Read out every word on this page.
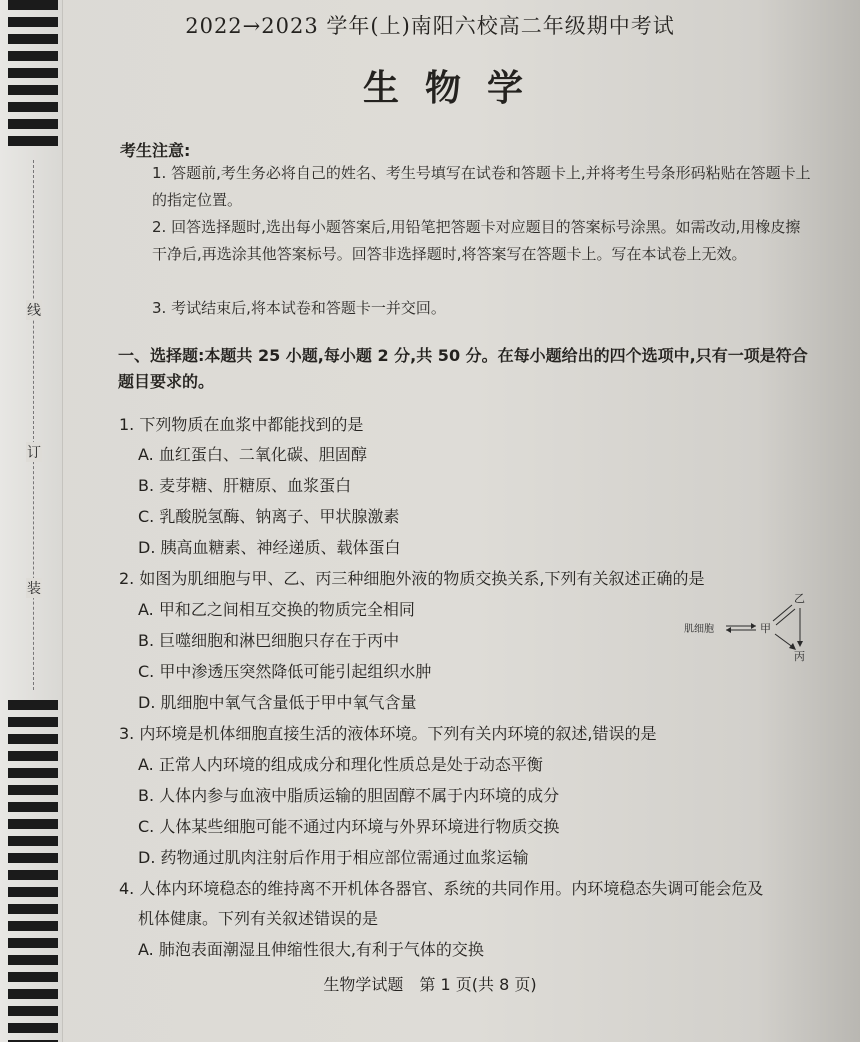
线
订
装
2022→2023 学年(上)南阳六校高二年级期中考试
生物学
考生注意:
1. 答题前,考生务必将自己的姓名、考生号填写在试卷和答题卡上,并将考生号条形码粘贴在答题卡上的指定位置。
2. 回答选择题时,选出每小题答案后,用铅笔把答题卡对应题目的答案标号涂黑。如需改动,用橡皮擦干净后,再选涂其他答案标号。回答非选择题时,将答案写在答题卡上。写在本试卷上无效。
3. 考试结束后,将本试卷和答题卡一并交回。
一、选择题:本题共 25 小题,每小题 2 分,共 50 分。在每小题给出的四个选项中,只有一项是符合题目要求的。
1. 下列物质在血浆中都能找到的是
A. 血红蛋白、二氧化碳、胆固醇
B. 麦芽糖、肝糖原、血浆蛋白
C. 乳酸脱氢酶、钠离子、甲状腺激素
D. 胰高血糖素、神经递质、载体蛋白
2. 如图为肌细胞与甲、乙、丙三种细胞外液的物质交换关系,下列有关叙述正确的是
A. 甲和乙之间相互交换的物质完全相同
B. 巨噬细胞和淋巴细胞只存在于丙中
C. 甲中渗透压突然降低可能引起组织水肿
D. 肌细胞中氧气含量低于甲中氧气含量
肌细胞	甲
乙
丙
3. 内环境是机体细胞直接生活的液体环境。下列有关内环境的叙述,错误的是
A. 正常人内环境的组成成分和理化性质总是处于动态平衡
B. 人体内参与血液中脂质运输的胆固醇不属于内环境的成分
C. 人体某些细胞可能不通过内环境与外界环境进行物质交换
D. 药物通过肌肉注射后作用于相应部位需通过血浆运输
4. 人体内环境稳态的维持离不开机体各器官、系统的共同作用。内环境稳态失调可能会危及
机体健康。下列有关叙述错误的是
A. 肺泡表面潮湿且伸缩性很大,有利于气体的交换
生物学试题　第 1 页(共 8 页)
